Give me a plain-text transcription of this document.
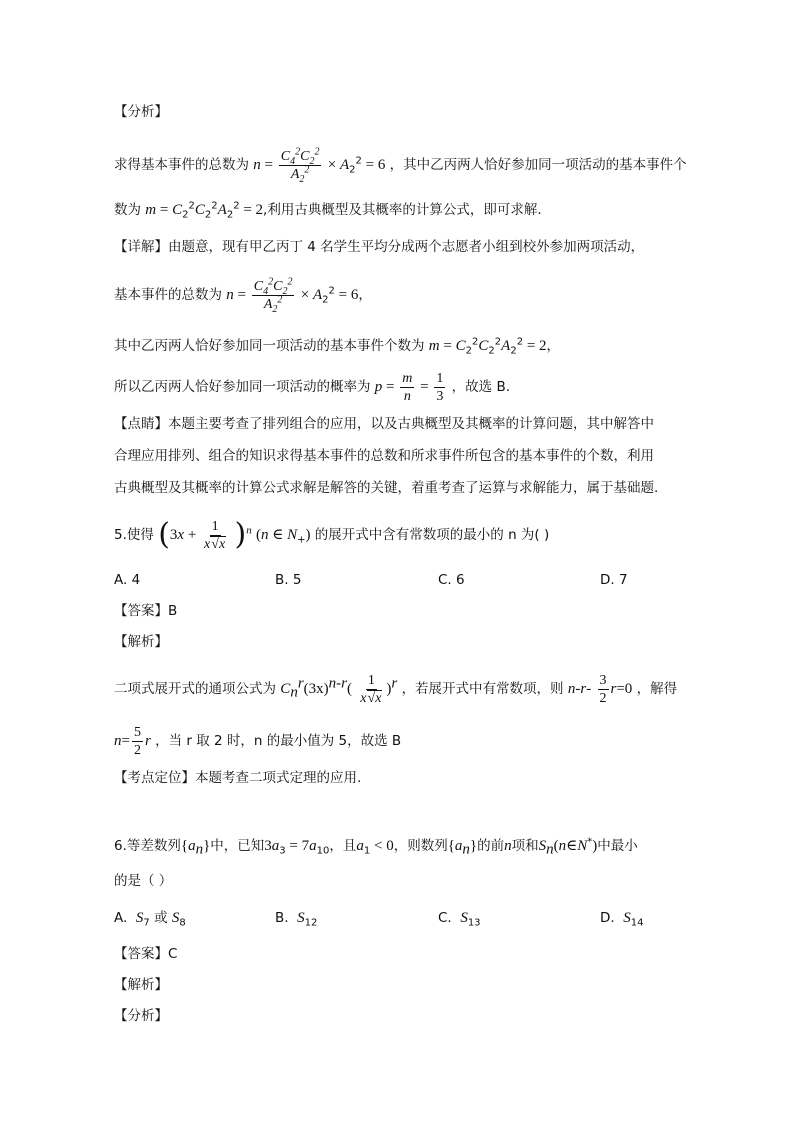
【分析】
求得基本事件的总数为 $n = \frac{C_4^2C_2^2}{A_2^2} \times A_2^2 = 6$ ，其中乙丙两人恰好参加同一项活动的基本事件个
数为 $m = C_2^2C_2^2A_2^2 = 2$,利用古典概型及其概率的计算公式，即可求解.
【详解】由题意，现有甲乙丙丁 4 名学生平均分成两个志愿者小组到校外参加两项活动，
基本事件的总数为 $n = \frac{C_4^2C_2^2}{A_2^2} \times A_2^2 = 6$，
其中乙丙两人恰好参加同一项活动的基本事件个数为 $m = C_2^2C_2^2A_2^2 = 2$，
所以乙丙两人恰好参加同一项活动的概率为 $p = \frac{m}{n} = \frac{1}{3}$ ，故选 B.
【点睛】本题主要考查了排列组合的应用，以及古典概型及其概率的计算问题，其中解答中
合理应用排列、组合的知识求得基本事件的总数和所求事件所包含的基本事件的个数，利用
古典概型及其概率的计算公式求解是解答的关键，着重考查了运算与求解能力，属于基础题.
5.使得 $(3x + \frac{1}{x√x} )^n$ (n ∈ $N_+$) 的展开式中含有常数项的最小的 n 为( )
A. 4	B. 5	C. 6	D. 7
【答案】B
【解析】
二项式展开式的通项公式为 $C_n^r(3x)^{n-r}( \frac{1}{x√x} )^r$ ，若展开式中有常数项，则 $n-r- \frac{3}{2} r=0$ ，解得
$n= \frac{5}{2}$ r ，当 r 取 2 时，n 的最小值为 5，故选 B
【考点定位】本题考查二项式定理的应用.
6.等差数列$\{a_n\}$中，已知$3a_3 = 7a_{10}$，且$a_1 < 0$，则数列$\{a_n\}$的前n项和$S_n(n\in N^*)$中最小
的是（ ）
A. $S_7$ 或 $S_8$	B. $S_{12}$	C. $S_{13}$	D. $S_{14}$
【答案】C
【解析】
【分析】
